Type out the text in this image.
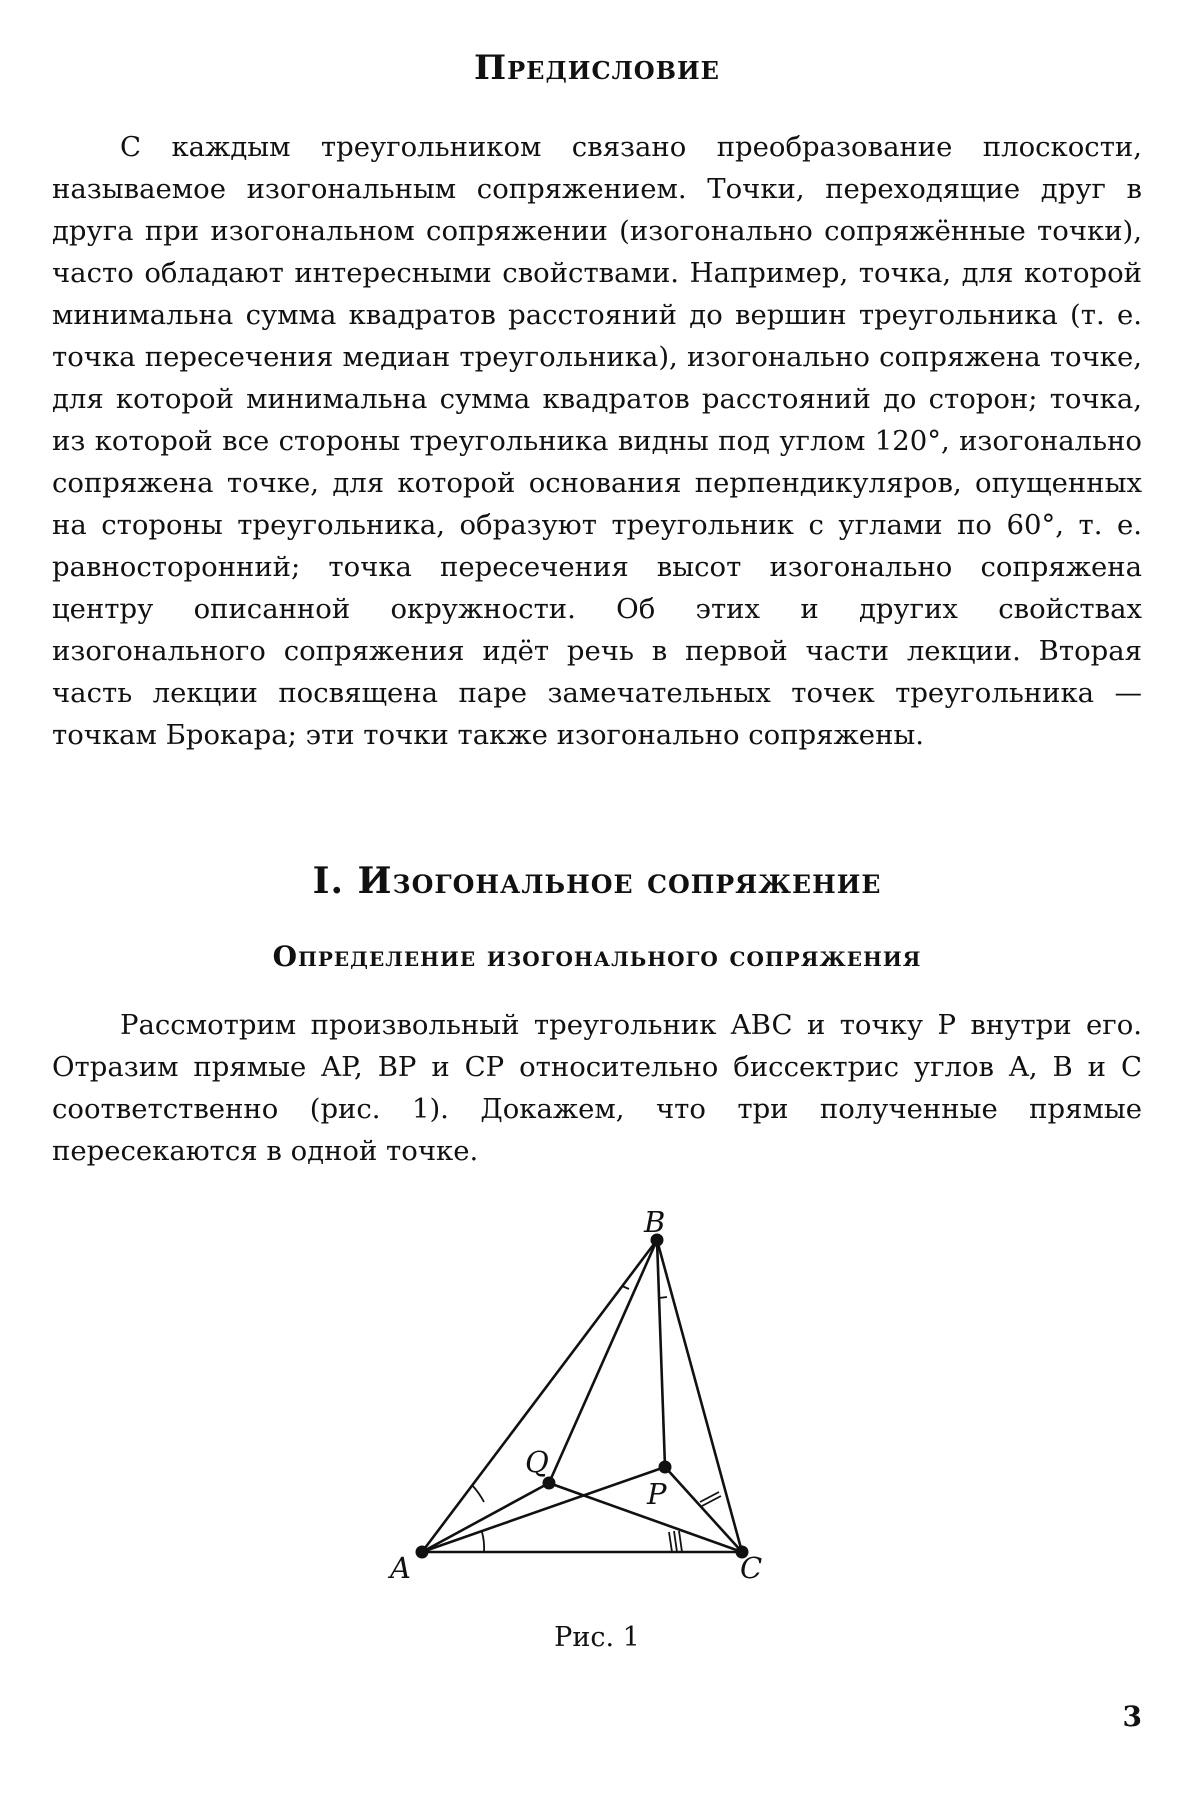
Предисловие

С каждым треугольником связано преобразование плоскости, называемое изогональным сопряжением. Точки, переходящие друг в друга при изогональном сопряжении (изогонально сопряжённые точки), часто обладают интересными свойствами. Например, точка, для которой минимальна сумма квадратов расстояний до вершин треугольника (т. е. точка пересечения медиан треугольника), изогонально сопряжена точке, для которой минимальна сумма квадратов расстояний до сторон; точка, из которой все стороны треугольника видны под углом 120°, изогонально сопряжена точке, для которой основания перпендикуляров, опущенных на стороны треугольника, образуют треугольник с углами по 60°, т. е. равносторонний; точка пересечения высот изогонально сопряжена центру описанной окружности. Об этих и других свойствах изогонального сопряжения идёт речь в первой части лекции. Вторая часть лекции посвящена паре замечательных точек треугольника — точкам Брокара; эти точки также изогонально сопряжены.

I. Изогональное сопряжение
Определение изогонального сопряжения

Рассмотрим произвольный треугольник ABC и точку P внутри его. Отразим прямые AP, BP и CP относительно биссектрис углов A, B и C соответственно (рис. 1). Докажем, что три полученные прямые пересекаются в одной точке.

B
Q
P
A	C
Рис. 1
3
